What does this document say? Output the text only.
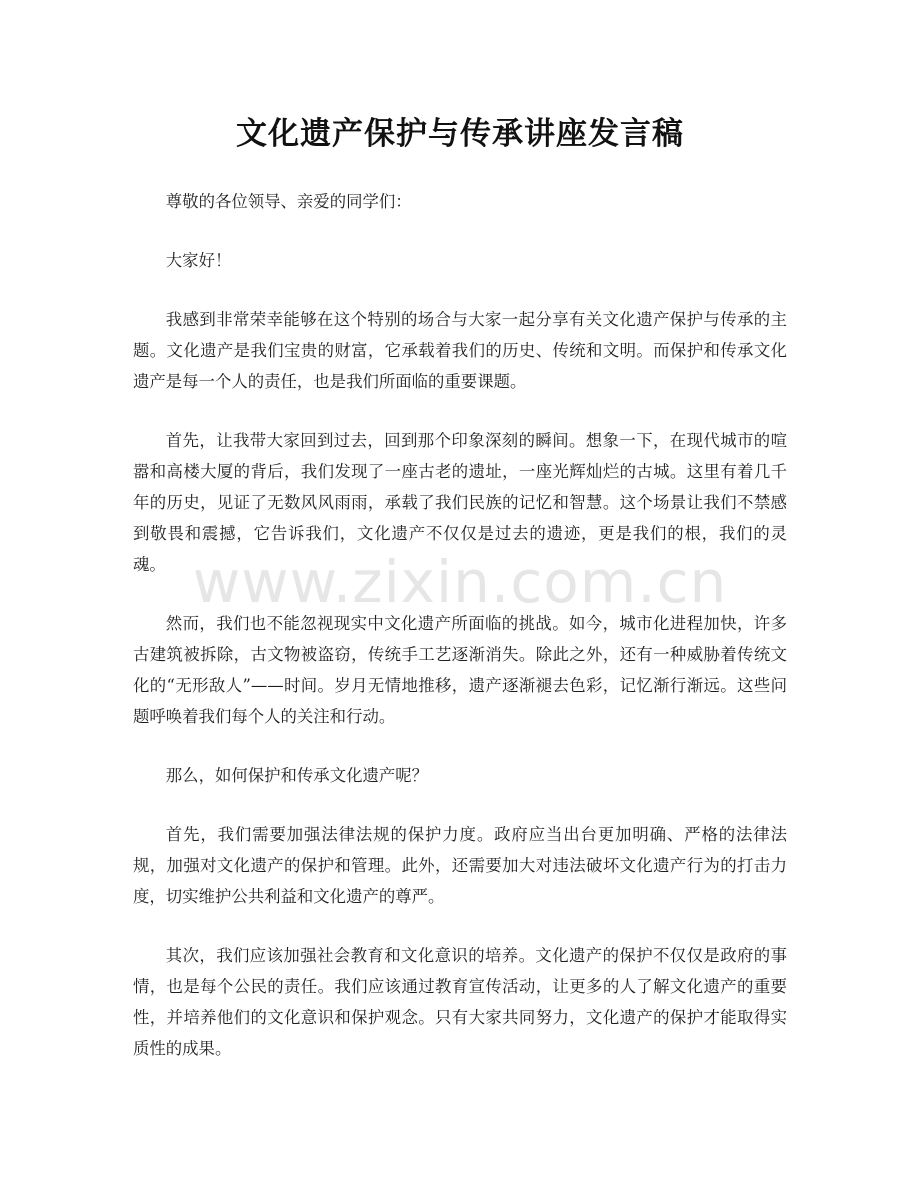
文化遗产保护与传承讲座发言稿

尊敬的各位领导、亲爱的同学们：

大家好！

我感到非常荣幸能够在这个特别的场合与大家一起分享有关文化遗产保护与传承的主题。文化遗产是我们宝贵的财富，它承载着我们的历史、传统和文明。而保护和传承文化遗产是每一个人的责任，也是我们所面临的重要课题。

首先，让我带大家回到过去，回到那个印象深刻的瞬间。想象一下，在现代城市的喧嚣和高楼大厦的背后，我们发现了一座古老的遗址，一座光辉灿烂的古城。这里有着几千年的历史，见证了无数风风雨雨，承载了我们民族的记忆和智慧。这个场景让我们不禁感到敬畏和震撼，它告诉我们，文化遗产不仅仅是过去的遗迹，更是我们的根，我们的灵魂。

然而，我们也不能忽视现实中文化遗产所面临的挑战。如今，城市化进程加快，许多古建筑被拆除，古文物被盗窃，传统手工艺逐渐消失。除此之外，还有一种威胁着传统文化的“无形敌人”——时间。岁月无情地推移，遗产逐渐褪去色彩，记忆渐行渐远。这些问题呼唤着我们每个人的关注和行动。

那么，如何保护和传承文化遗产呢？

首先，我们需要加强法律法规的保护力度。政府应当出台更加明确、严格的法律法规，加强对文化遗产的保护和管理。此外，还需要加大对违法破坏文化遗产行为的打击力度，切实维护公共利益和文化遗产的尊严。

其次，我们应该加强社会教育和文化意识的培养。文化遗产的保护不仅仅是政府的事情，也是每个公民的责任。我们应该通过教育宣传活动，让更多的人了解文化遗产的重要性，并培养他们的文化意识和保护观念。只有大家共同努力，文化遗产的保护才能取得实质性的成果。

www.zixin.com.cn
